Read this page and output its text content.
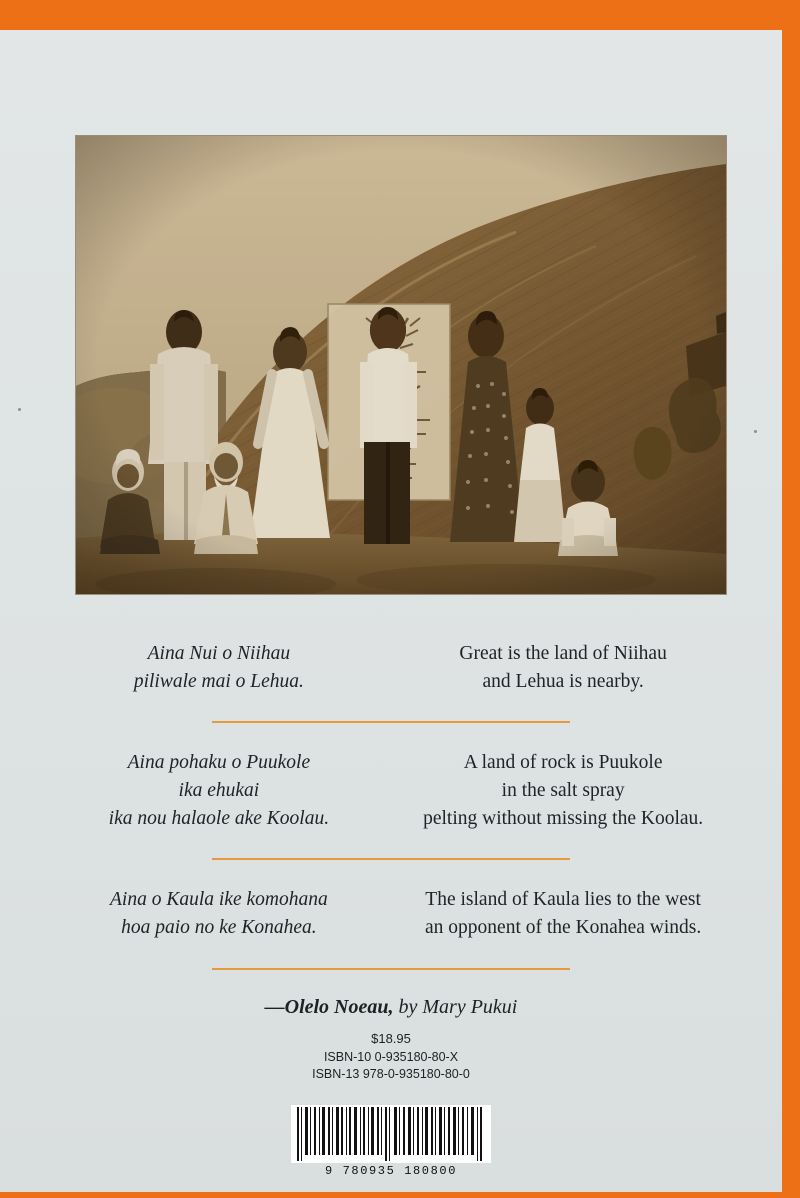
Aina Nui o Niihau

piliwale mai o Lehua.

Great is the land of Niihau

and Lehua is nearby.

Aina pohaku o Puukole

ika ehukai

ika nou halaole ake Koolau.

A land of rock is Puukole

in the salt spray

pelting without missing the Koolau.

Aina o Kaula ike komohana

hoa paio no ke Konahea.

The island of Kaula lies to the west

an opponent of the Konahea winds.

—Olelo Noeau, by Mary Pukui
$18.95
ISBN-10 0-935180-80-X
ISBN-13 978-0-935180-80-0
9 780935 180800
